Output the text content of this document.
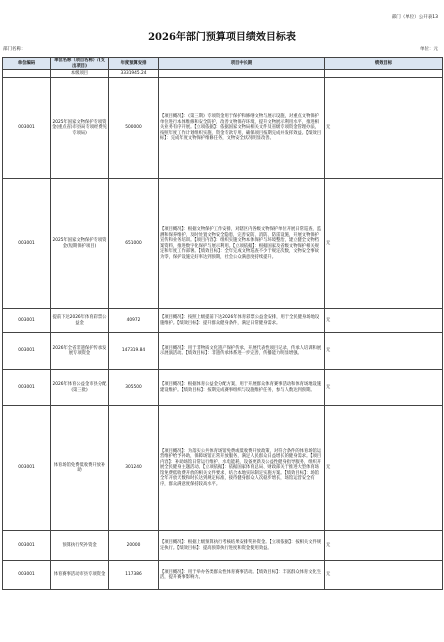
部门（单位）公开表13
2026年部门预算项目绩效目标表
部门名称：	单位：元
单位编码	单位名称（项目名称）/(支出项目)	年度预算安排	项目中长期	绩效目标
	本级项目	3331945.24		
003001	2025年国家文物保护专项资金(重点省)市县局专项经费见专项局)	500000	【项目概况】：《第三期》专项资金用于保护和修缮文物与展示设施，对重点文物保护单位进行本体维修和安全防护，改善文物保存环境，提升文物展示利用水平，推进相关业务有序开展。【立项依据】：依据国家文物局相关文件及省级专项资金管理办法，按照年度工作计划组织实施，资金专款专用，确保项目按期完成并发挥效益。【绩效目标】：完成年度文物保护维修任务，文物安全状况明显改善。	无
003001	2025年国家文物保护专项资金(短期保护项目)	651000	【项目概况】：根据文物保护工作安排，对辖区内各级文物保护单位开展日常巡查、监测和保养维护，及时处置文物安全隐患，完善安防、消防、防雷设施，开展文物保护宣传和业务培训。【项目内容】：组织实施文物本体保护与环境整治，建立健全文物档案资料，推进数字化保护与展示利用。【立项依据】：根据国家及省级文物保护相关规定和年度工作部署。【绩效目标】：全年完成文物巡查不少于规定次数，文物安全事故为零，保护设施完好率达到预期，社会公众满意度持续提升。	无
003001	提前下达2026年体育彩票公益金	40972	【项目概况】：按照上级提前下达2026年体育彩票公益金安排，用于全民健身场地设施维护。【绩效目标】：提升群众健身条件，满足日常健身需求。	无
003001	2026年全省非遗保护传承发展专项资金	147319.84	【项目概况】：用于非物质文化遗产保护传承，开展代表性项目记录、传承人培训和展示展演活动。【绩效目标】：非遗传承体系进一步完善，传播能力明显增强。	无
003001	2026年体育公益金市县分配(第三批)	305500	【项目概况】：根据体育公益金分配方案，用于开展群众体育赛事活动和体育场地设施建设维护。【绩效目标】：按期完成赛事组织与设施维护任务，参与人数达到预期。	无
003001	体育场馆免费低收费开放补助	301240	【项目概况】：为落实公共体育场馆免费或低收费开放政策，对符合条件的体育场馆运营维护给予补助，保障场馆正常开放服务，满足人民群众日益增长的健身需求。【项目内容】：补助场馆日常运行维护、水电能耗、设备更新及公益性健身指导服务，组织开展全民健身主题活动。【立项依据】：依据国家体育总局、财政部关于推进大型体育场馆免费低收费开放的相关文件要求，结合本地实际制定实施方案。【绩效目标】：场馆全年开放天数和时长达到规定标准，接待健身群众人次稳步增长，场馆运营安全有序，群众满意度保持较高水平。	无
003001	预算执行奖补资金	20000	【项目概况】：根据上级预算执行考核结果安排奖补资金。【立项依据】：按相关文件规定执行。【绩效目标】：提高预算执行进度和资金使用效益。	无
003001	体育赛事活动市县专项资金	117386	【项目概况】：用于举办各类群众性体育赛事活动。【绩效目标】：丰富群众体育文化生活，提升赛事影响力。	无
